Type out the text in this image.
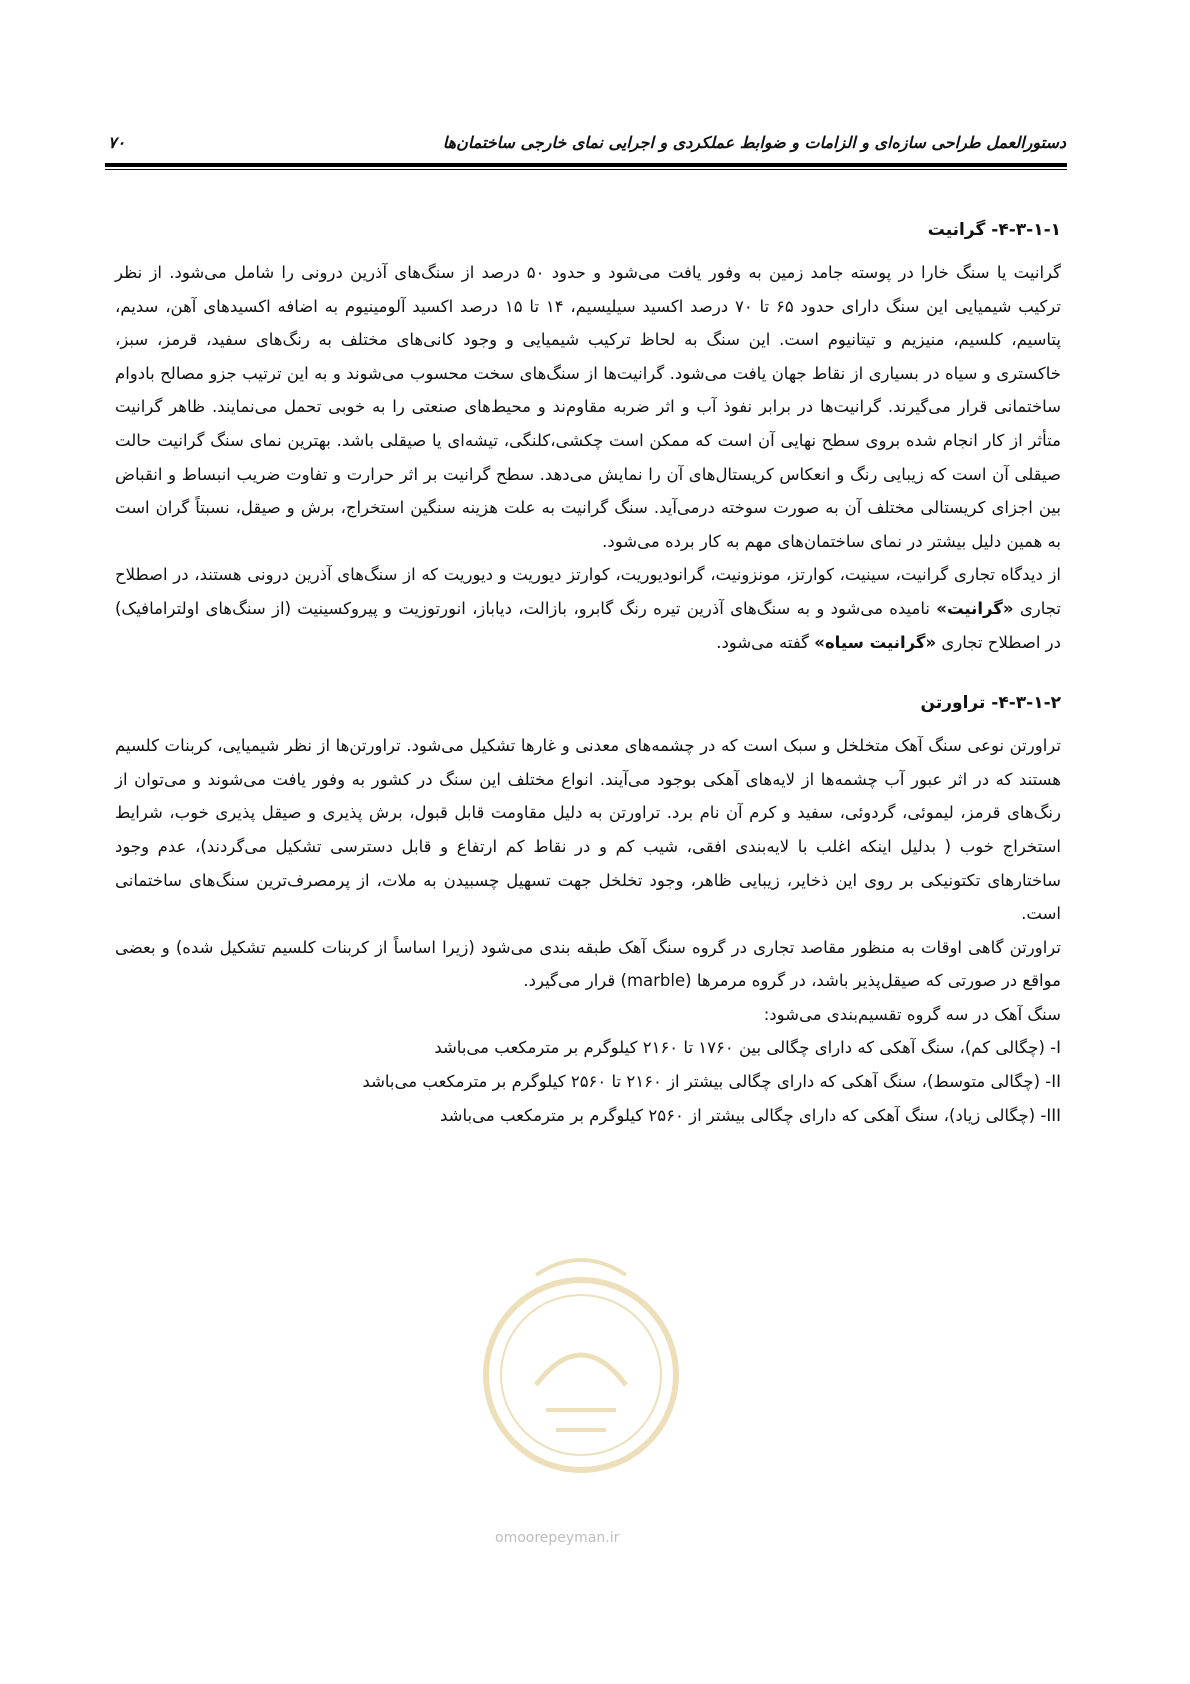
دستورالعمل طراحی سازه‌ای و الزامات و ضوابط عملکردی و اجرایی نمای خارجی ساختمان‌ها
۷۰
۴-۳-۱-۱- گرانیت

گرانیت یا سنگ خارا در پوسته جامد زمین به وفور یافت می‌شود و حدود ۵۰ درصد از سنگ‌های آذرین درونی را شامل می‌شود. از نظر ترکیب شیمیایی این سنگ دارای حدود ۶۵ تا ۷۰ درصد اکسید سیلیسیم، ۱۴ تا ۱۵ درصد اکسید آلومینیوم به اضافه اکسیدهای آهن، سدیم، پتاسیم، کلسیم، منیزیم و تیتانیوم است. این سنگ به لحاظ ترکیب شیمیایی و وجود کانی‌های مختلف به رنگ‌های سفید، قرمز، سبز، خاکستری و سیاه در بسیاری از نقاط جهان یافت می‌شود. گرانیت‌ها از سنگ‌های سخت محسوب می‌شوند و به این ترتیب جزو مصالح بادوام ساختمانی قرار می‌گیرند. گرانیت‌ها در برابر نفوذ آب و اثر ضربه مقاوم‌ند و محیط‌های صنعتی را به خوبی تحمل می‌نمایند. ظاهر گرانیت متأثر از کار انجام شده بروی سطح نهایی آن است که ممکن است چکشی،کلنگی، تیشه‌ای یا صیقلی باشد. بهترین نمای سنگ گرانیت حالت صیقلی آن است که زیبایی رنگ و انعکاس کریستال‌های آن را نمایش می‌دهد. سطح گرانیت بر اثر حرارت و تفاوت ضریب انبساط و انقباض بین اجزای کریستالی مختلف آن به صورت سوخته درمی‌آید. سنگ گرانیت به علت هزینه سنگین استخراج، برش و صیقل، نسبتاً گران است به همین دلیل بیشتر در نمای ساختمان‌های مهم به کار برده می‌شود.

از دیدگاه تجاری گرانیت، سینیت، کوارتز، مونزونیت، گرانودیوریت، کوارتز دیوریت و دیوریت که از سنگ‌های آذرین درونی هستند، در اصطلاح تجاری «گرانیت» نامیده می‌شود و به سنگ‌های آذرین تیره رنگ گابرو، بازالت، دیاباز، انورتوزیت و پیروکسینیت (از سنگ‌های اولترامافیک) در اصطلاح تجاری «گرانیت سیاه» گفته می‌شود.

۴-۳-۱-۲- تراورتن

تراورتن نوعی سنگ آهک متخلخل و سبک است که در چشمه‌های معدنی و غارها تشکیل می‌شود. تراورتن‌ها از نظر شیمیایی، کربنات کلسیم هستند که در اثر عبور آب چشمه‌ها از لایه‌های آهکی بوجود می‌آیند. انواع مختلف این سنگ در کشور به وفور یافت می‌شوند و می‌توان از رنگ‌های قرمز، لیموئی، گردوئی، سفید و کرم آن نام برد. تراورتن به دلیل مقاومت قابل قبول، برش پذیری و صیقل پذیری خوب، شرایط استخراج خوب ( بدلیل اینکه اغلب با لایه‌بندی افقی، شیب کم و در نقاط کم ارتفاع و قابل دسترسی تشکیل می‌گردند)، عدم وجود ساختارهای تکتونیکی بر روی این ذخایر، زیبایی ظاهر، وجود تخلخل جهت تسهیل چسبیدن به ملات، از پرمصرف‌ترین سنگ‌های ساختمانی است.

تراورتن گاهی اوقات به منظور مقاصد تجاری در گروه سنگ آهک طبقه بندی می‌شود (زیرا اساساً از کربنات کلسیم تشکیل شده) و بعضی مواقع در صورتی که صیقل‌پذیر باشد، در گروه مرمرها (marble) قرار می‌گیرد.

سنگ آهک در سه گروه تقسیم‌بندی می‌شود:

I- (چگالی کم)، سنگ آهکی که دارای چگالی بین ۱۷۶۰ تا ۲۱۶۰ کیلوگرم بر مترمکعب می‌باشد
II- (چگالی متوسط)، سنگ آهکی که دارای چگالی بیشتر از ۲۱۶۰ تا ۲۵۶۰ کیلوگرم بر مترمکعب می‌باشد
III- (چگالی زیاد)، سنگ آهکی که دارای چگالی بیشتر از ۲۵۶۰ کیلوگرم بر مترمکعب می‌باشد
omoorepeyman.ir
